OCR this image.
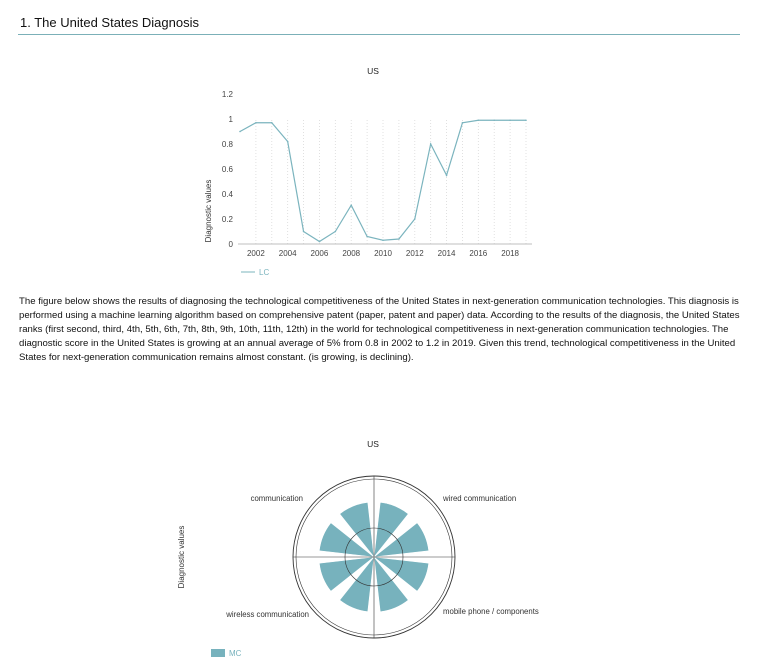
1. The United States Diagnosis
US
Diagnostic values
0
0.2
0.4
0.6
0.8
1
1.2
2002 2004 2006 2008 2010 2012 2014 2016 2018
LC
The figure below shows the results of diagnosing the technological competitiveness of the United States in next-generation communication technologies. This diagnosis is performed using a machine learning algorithm based on comprehensive patent (paper, patent and paper) data. According to the results of the diagnosis, the United States ranks (first second, third, 4th, 5th, 6th, 7th, 8th, 9th, 10th, 11th, 12th) in the world for technological competitiveness in next-generation communication technologies. The diagnostic score in the United States is growing at an annual average of 5% from 0.8 in 2002 to 1.2 in 2019. Given this trend, technological competitiveness in the United States for next-generation communication remains almost constant. (is growing, is declining).
US
Diagnostic values
communication	wired communication
mobile phone / components
wireless communication
MC
